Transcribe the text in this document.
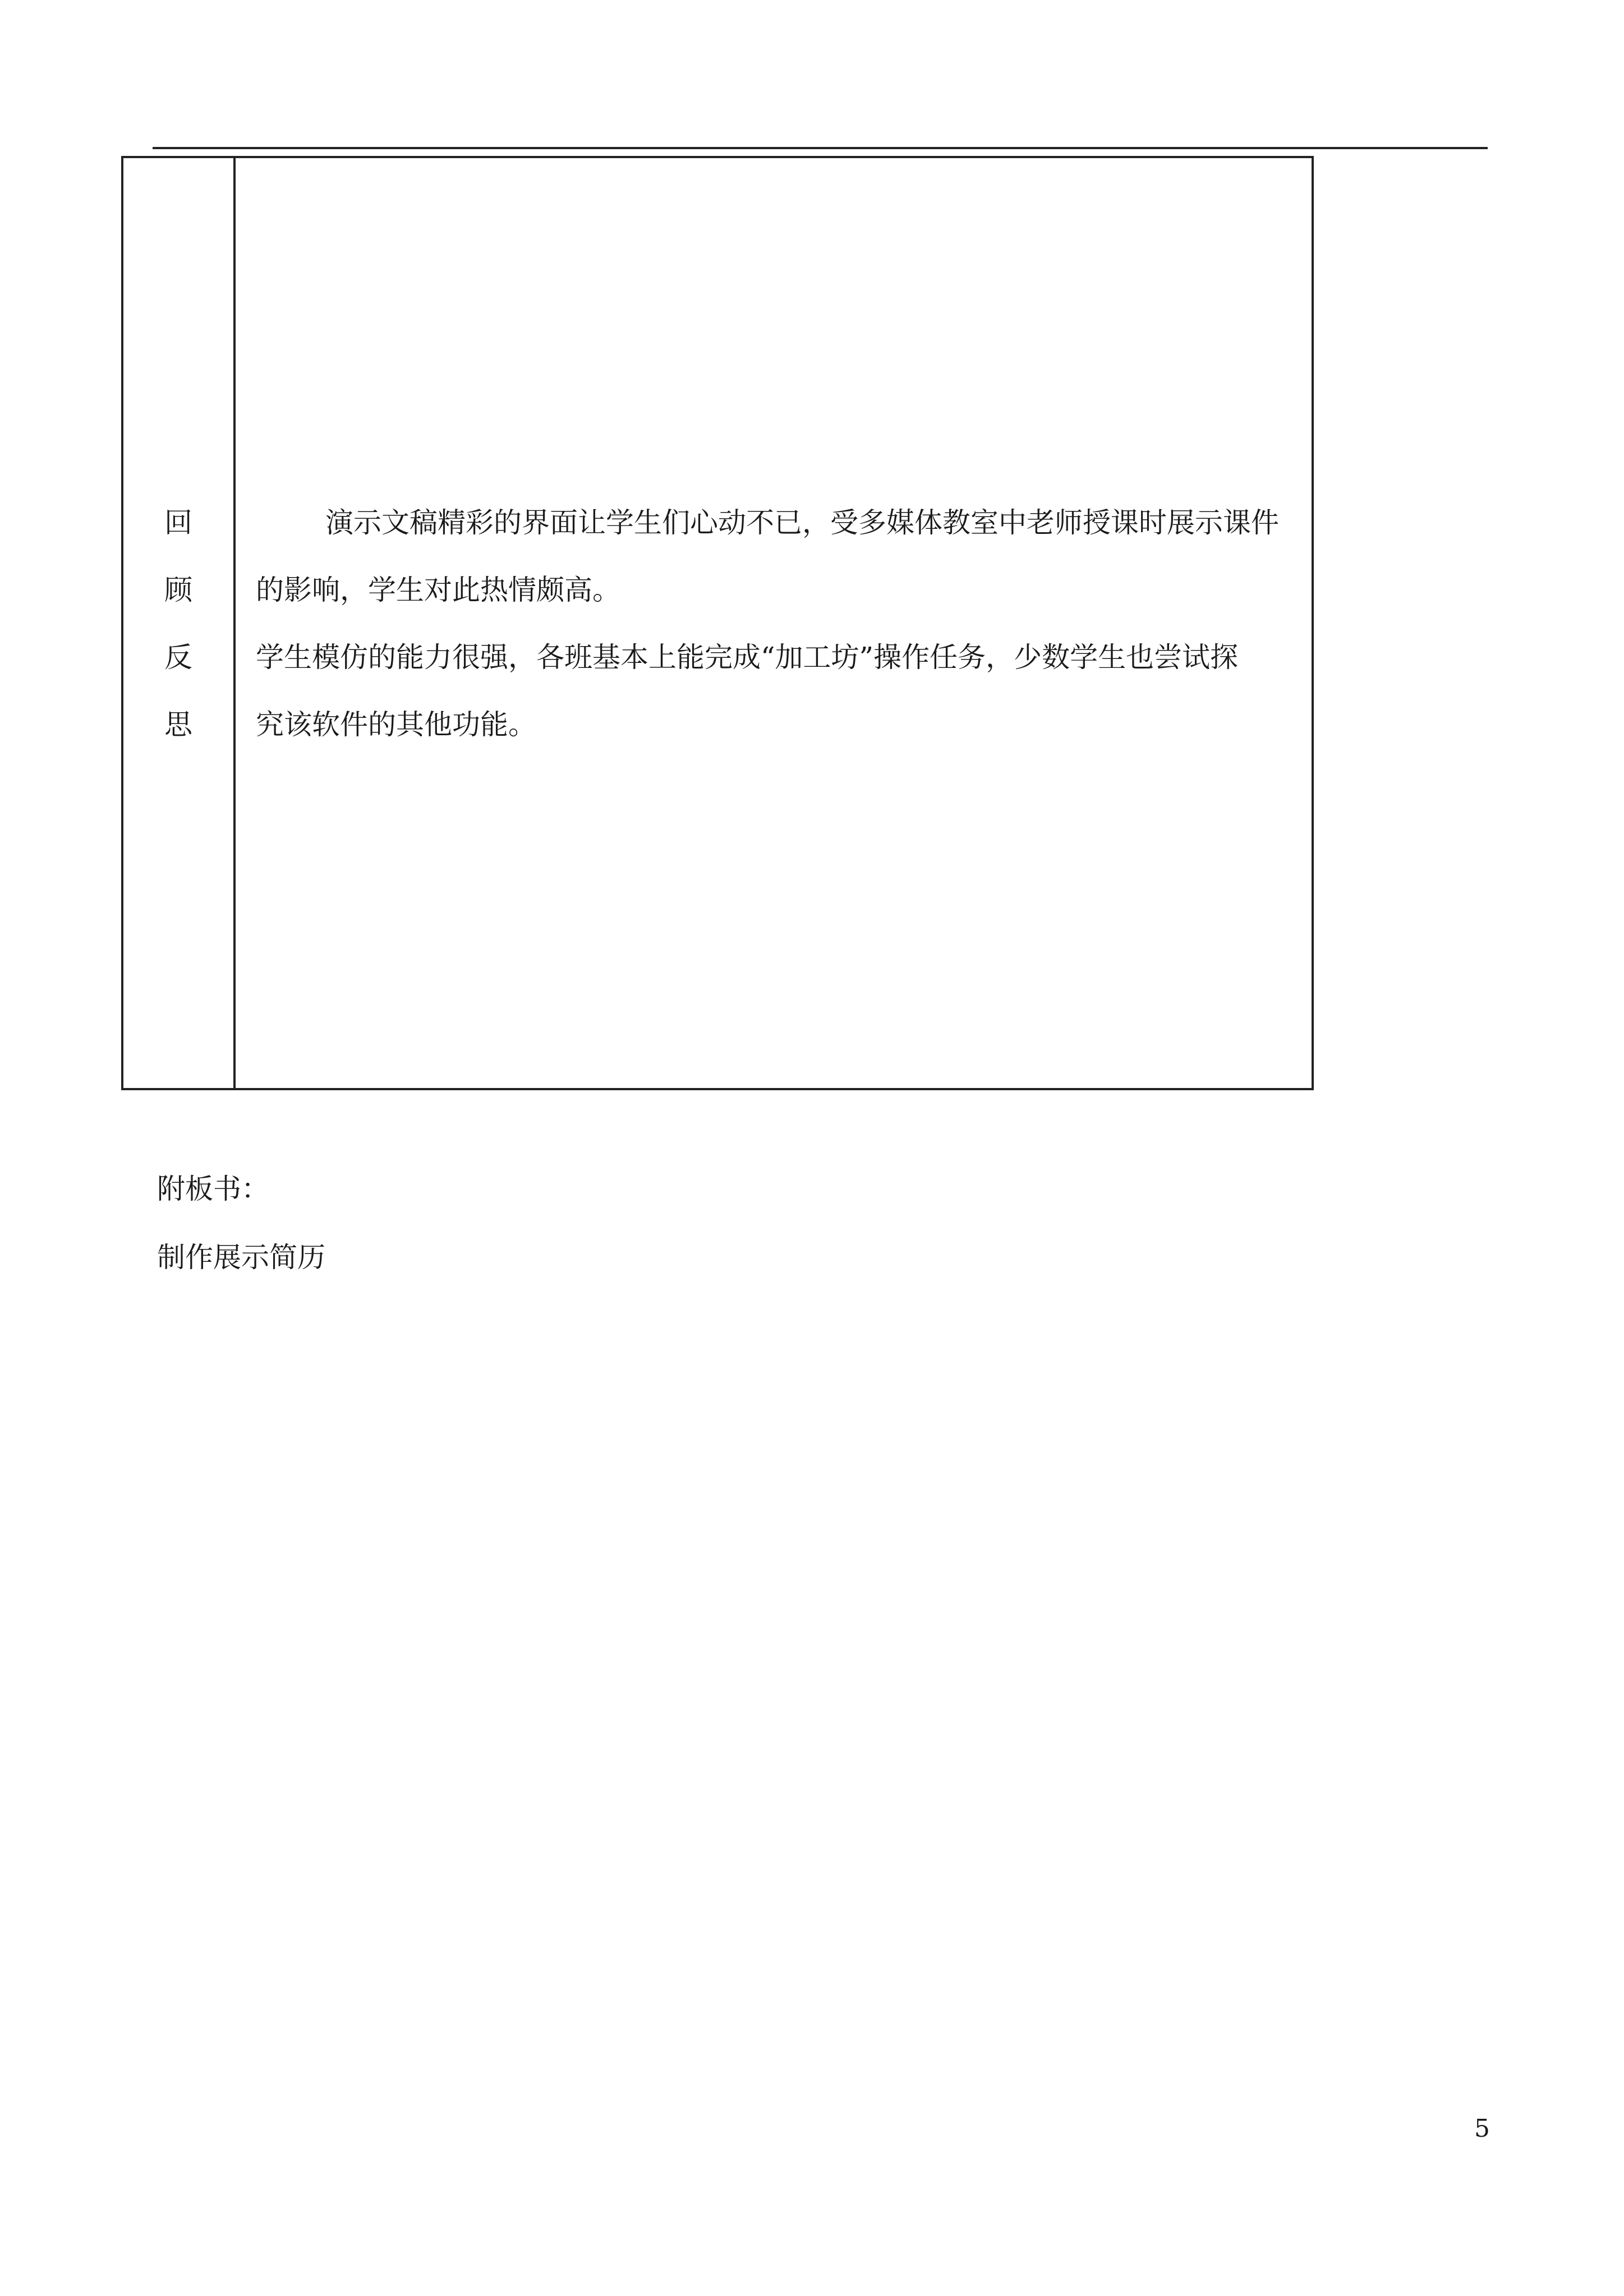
回
顾
反
思
演示文稿精彩的界面让学生们心动不已，受多媒体教室中老师授课时展示课件
的影响，学生对此热情颇高。
学生模仿的能力很强，各班基本上能完成“加工坊”操作任务，少数学生也尝试探
究该软件的其他功能。
附板书：
制作展示简历
5
